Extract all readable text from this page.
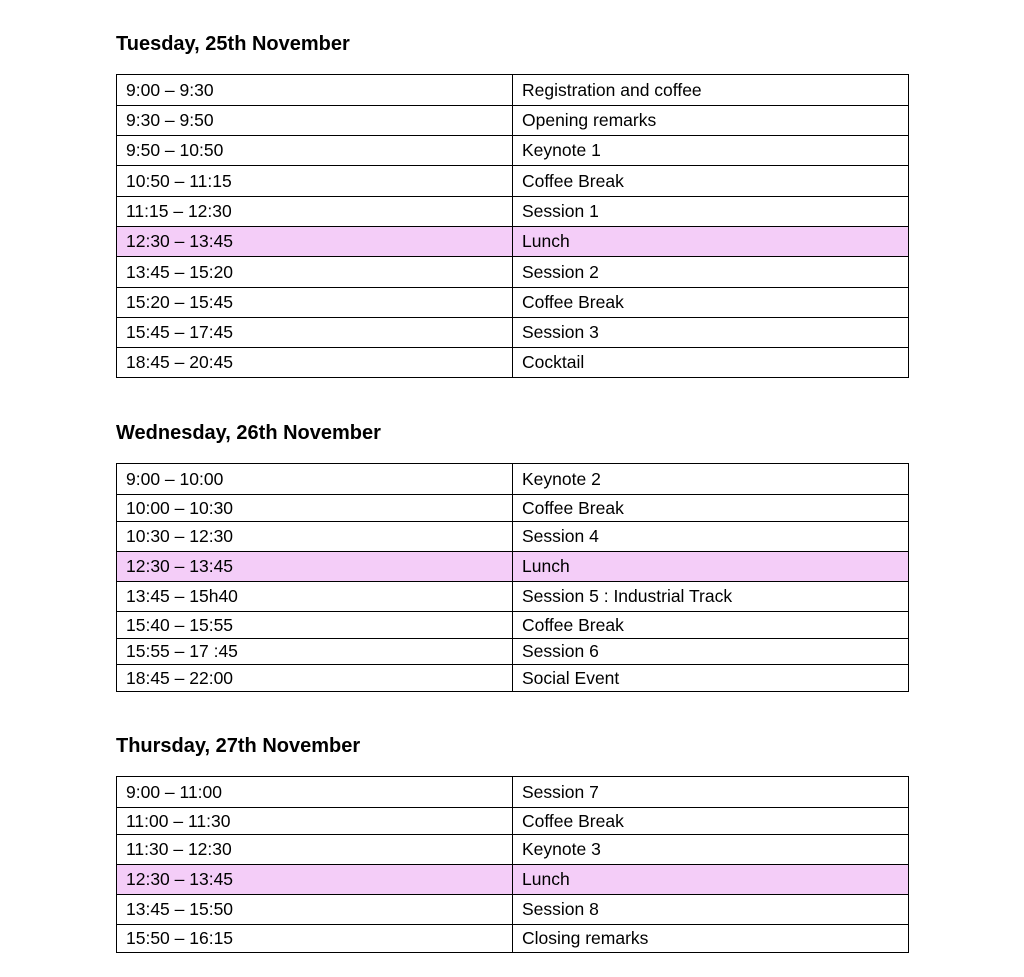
Tuesday, 25th November
9:00 – 9:30	Registration and coffee
9:30 – 9:50	Opening remarks
9:50 – 10:50	Keynote 1
10:50 – 11:15	Coffee Break
11:15 – 12:30	Session 1
12:30 – 13:45	Lunch
13:45 – 15:20	Session 2
15:20 – 15:45	Coffee Break
15:45 – 17:45	Session 3
18:45 – 20:45	Cocktail
Wednesday, 26th November
9:00 – 10:00	Keynote 2
10:00 – 10:30	Coffee Break
10:30 – 12:30	Session 4
12:30 – 13:45	Lunch
13:45 – 15h40	Session 5 : Industrial Track
15:40 – 15:55	Coffee Break
15:55 – 17 :45	Session 6
18:45 – 22:00	Social Event
Thursday, 27th November
9:00 – 11:00	Session 7
11:00 – 11:30	Coffee Break
11:30 – 12:30	Keynote 3
12:30 – 13:45	Lunch
13:45 – 15:50	Session 8
15:50 – 16:15	Closing remarks
